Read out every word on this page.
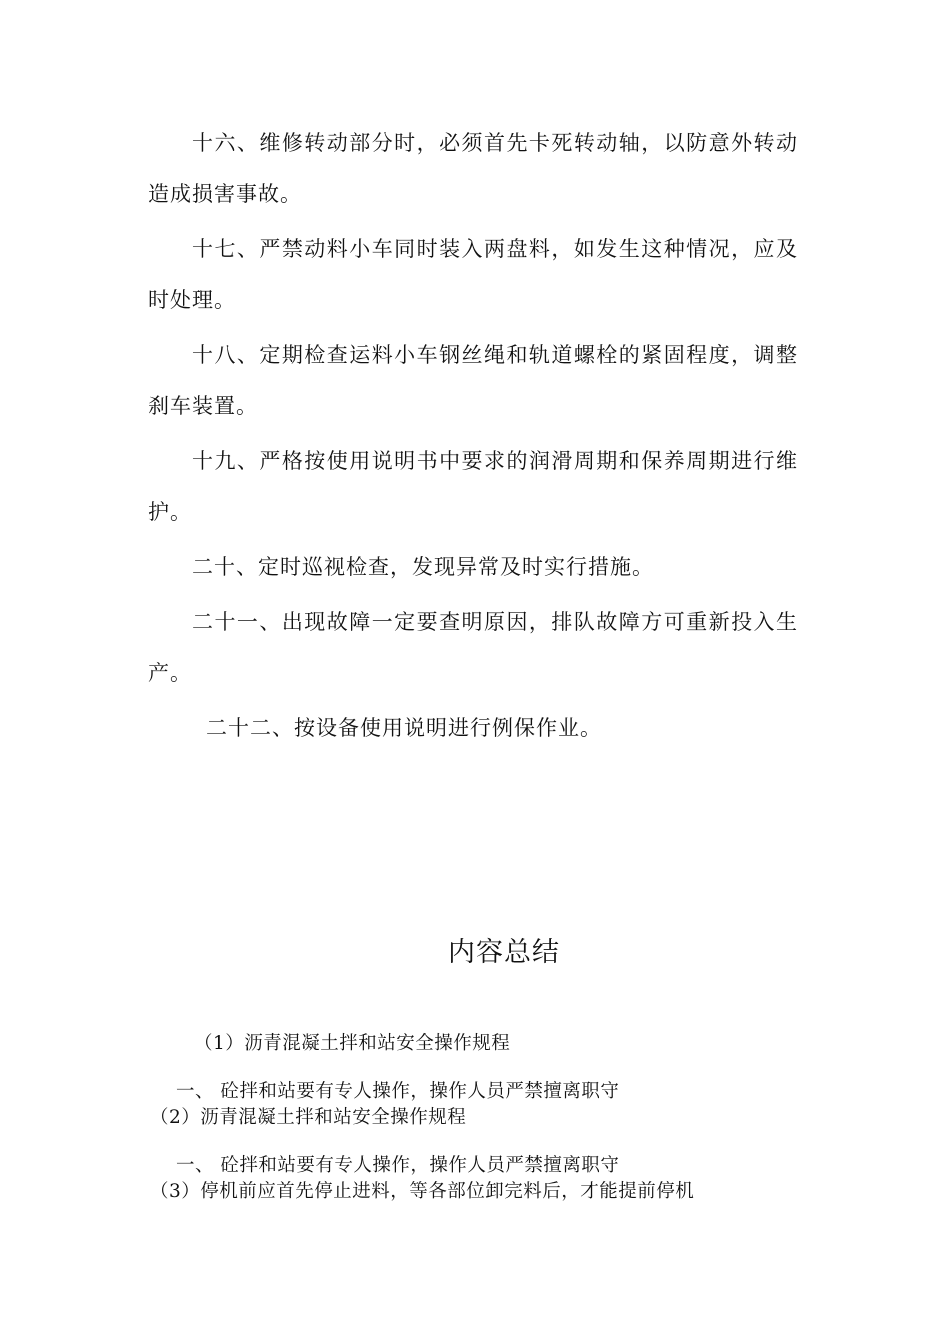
十六、维修转动部分时，必须首先卡死转动轴，以防意外转动造成损害事故。

十七、严禁动料小车同时装入两盘料，如发生这种情况，应及时处理。

十八、定期检查运料小车钢丝绳和轨道螺栓的紧固程度，调整刹车装置。

十九、严格按使用说明书中要求的润滑周期和保养周期进行维护。

二十、定时巡视检查，发现异常及时实行措施。

二十一、出现故障一定要查明原因，排队故障方可重新投入生产。

二十二、按设备使用说明进行例保作业。

内容总结
（1）沥青混凝土拌和站安全操作规程
一、 砼拌和站要有专人操作，操作人员严禁擅离职守
（2）沥青混凝土拌和站安全操作规程
一、 砼拌和站要有专人操作，操作人员严禁擅离职守
（3）停机前应首先停止进料，等各部位卸完料后，才能提前停机
